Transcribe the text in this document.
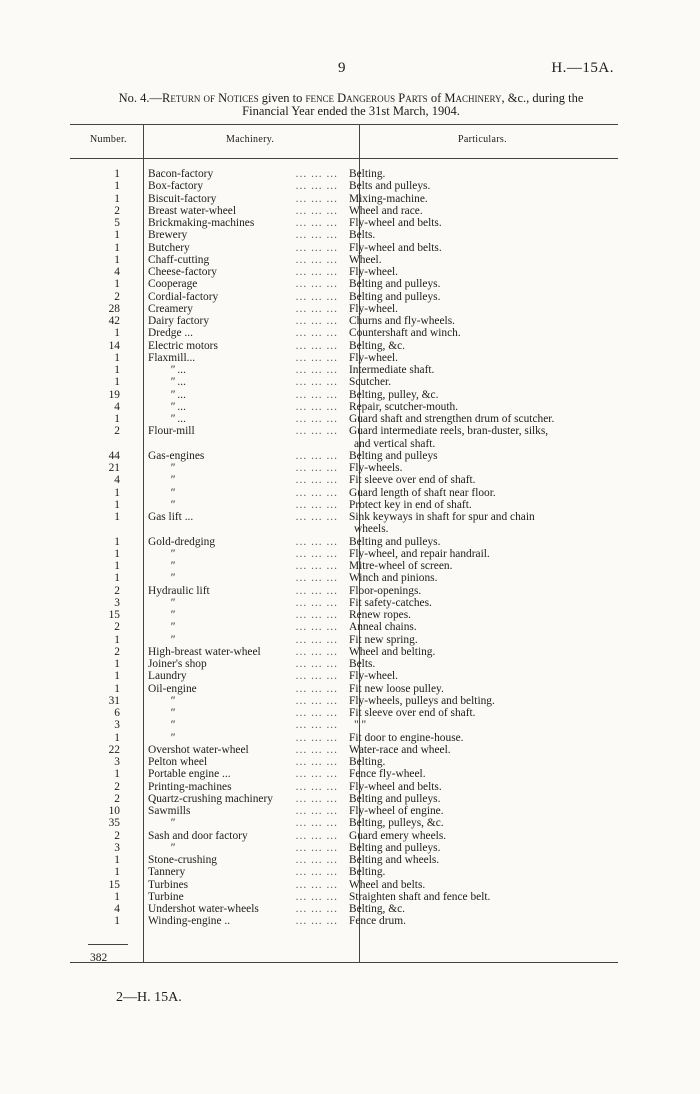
9	H.—15A.
No. 4.—Return of Notices given to fence Dangerous Parts of Machinery, &c., during the
Financial Year ended the 31st March, 1904.
Number.	Machinery.	Particulars.
1	Bacon-factory	... ... ... Belting.
1	Box-factory	... ... ... Belts and pulleys.
1	Biscuit-factory	... ... ... Mixing-machine.
2	Breast water-wheel	... ... ... Wheel and race.
5	Brickmaking-machines	... ... ... Fly-wheel and belts.
1	Brewery	... ... ... Belts.
1	Butchery	... ... ... Fly-wheel and belts.
1	Chaff-cutting	... ... ... Wheel.
4	Cheese-factory	... ... ... Fly-wheel.
1	Cooperage	... ... ... Belting and pulleys.
2	Cordial-factory	... ... ... Belting and pulleys.
28	Creamery	... ... ... Fly-wheel.
42	Dairy factory	... ... ... Churns and fly-wheels.
1	Dredge ...	... ... ... Countershaft and winch.
14	Electric motors	... ... ... Belting, &c.
1	Flaxmill...	... ... ... Fly-wheel.
1	" ...	... ... ... Intermediate shaft.
1	" ...	... ... ... Scutcher.
19	" ...	... ... ... Belting, pulley, &c.
4	" ...	... ... ... Repair, scutcher-mouth.
1	" ...	... ... ... Guard shaft and strengthen drum of scutcher.
2	Flour-mill	... ... ... Guard intermediate reels, bran-duster, silks,
and vertical shaft.
44	Gas-engines	... ... ... Belting and pulleys
21	"	... ... ... Fly-wheels.
4	"	... ... ... Fit sleeve over end of shaft.
1	"	... ... ... Guard length of shaft near floor.
1	"	... ... ... Protect key in end of shaft.
1	Gas lift ...	... ... ... Sink keyways in shaft for spur and chain
wheels.
1	Gold-dredging	... ... ... Belting and pulleys.
1	"	... ... ... Fly-wheel, and repair handrail.
1	"	... ... ... Mitre-wheel of screen.
1	"	... ... ... Winch and pinions.
2	Hydraulic lift	... ... ... Floor-openings.
3	"	... ... ... Fit safety-catches.
15	"	... ... ... Renew ropes.
2	"	... ... ... Anneal chains.
1	"	... ... ... Fit new spring.
2	High-breast water-wheel	... ... ... Wheel and belting.
1	Joiner's shop	... ... ... Belts.
1	Laundry	... ... ... Fly-wheel.
1	Oil-engine	... ... ... Fit new loose pulley.
31	"	... ... ... Fly-wheels, pulleys and belting.
6	"	... ... ... Fit sleeve over end of shaft.
3	"	... ... ...	" "
1	"	... ... ... Fit door to engine-house.
22	Overshot water-wheel	... ... ... Water-race and wheel.
3	Pelton wheel	... ... ... Belting.
1	Portable engine ...	... ... ... Fence fly-wheel.
2	Printing-machines	... ... ... Fly-wheel and belts.
2	Quartz-crushing machinery ... ... ... Belting and pulleys.
10	Sawmills	... ... ... Fly-wheel of engine.
35	"	... ... ... Belting, pulleys, &c.
2	Sash and door factory	... ... ... Guard emery wheels.
3	"	... ... ... Belting and pulleys.
1	Stone-crushing	... ... ... Belting and wheels.
1	Tannery	... ... ... Belting.
15	Turbines	... ... ... Wheel and belts.
1	Turbine	... ... ... Straighten shaft and fence belt.
4	Undershot water-wheels	... ... ... Belting, &c.
1	Winding-engine ..	... ... ... Fence drum.
382
2—H. 15A.
